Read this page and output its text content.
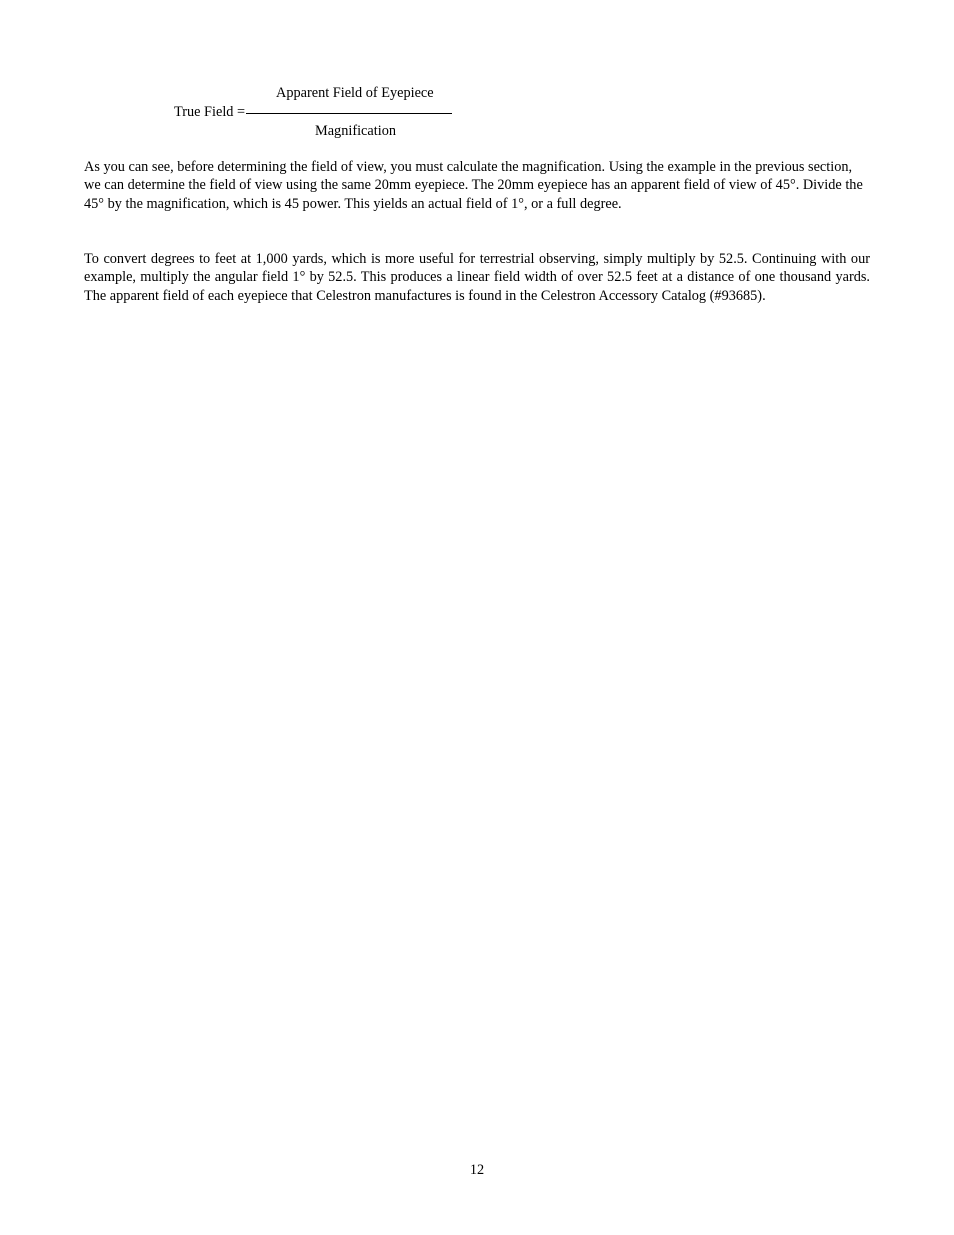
Apparent Field of Eyepiece
True Field =
Magnification

As you can see, before determining the field of view, you must calculate the magnification. Using the example in the previous section, we can determine the field of view using the same 20mm eyepiece. The 20mm eyepiece has an apparent field of view of 45°. Divide the 45° by the magnification, which is 45 power. This yields an actual field of 1°, or a full degree.

To convert degrees to feet at 1,000 yards, which is more useful for terrestrial observing, simply multiply by 52.5. Continuing with our example, multiply the angular field 1° by 52.5. This produces a linear field width of over 52.5 feet at a distance of one thousand yards. The apparent field of each eyepiece that Celestron manufactures is found in the Celestron Accessory Catalog (#93685).

12
